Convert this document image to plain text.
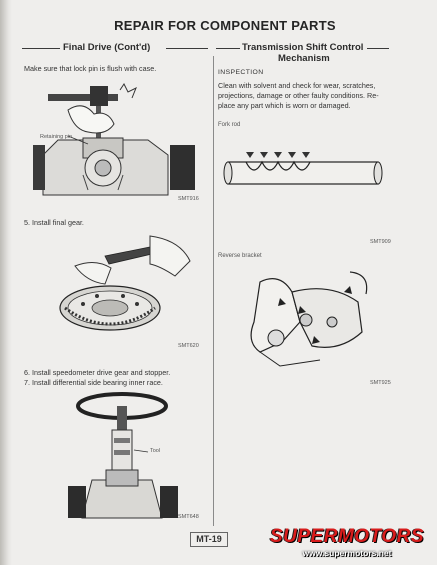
REPAIR FOR COMPONENT PARTS
Final Drive (Cont'd)	Transmission Shift Control
Mechanism
Make sure that lock pin is flush with case.
Retaining pin
SMT916
5. Install final gear.
SMT620
6. Install speedometer drive gear and stopper.
7. Install differential side bearing inner race.
Tool
SMT648
INSPECTION
Clean with solvent and check for wear, scratches,
projections, damage or other faulty conditions. Re-
place any part which is worn or damaged.
Fork rod
SMT909
Reverse bracket
SMT925
MT-19	SUPERMOTORS
www.supermotors.net
